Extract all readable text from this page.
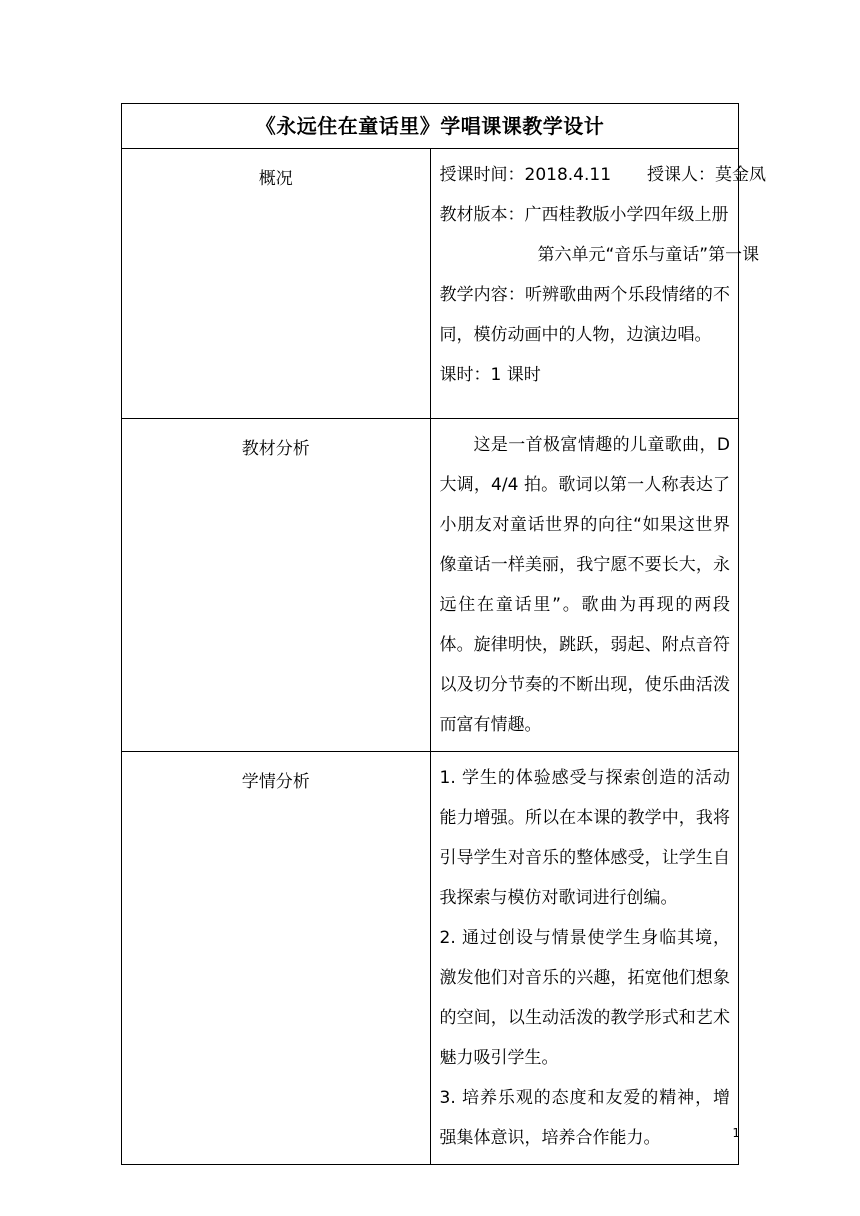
《永远住在童话里》学唱课课教学设计	

概况	授课时间：2018.4.11 授课人：莫金凤
教材版本：广西桂教版小学四年级上册
第六单元“音乐与童话”第一课
教学内容：听辨歌曲两个乐段情绪的不同，模仿动画中的人物，边演边唱。
课时：1 课时

教材分析	这是一首极富情趣的儿童歌曲，D 大调，4/4 拍。歌词以第一人称表达了小朋友对童话世界的向往“如果这世界像童话一样美丽，我宁愿不要长大，永远住在童话里”。歌曲为再现的两段体。旋律明快，跳跃，弱起、附点音符以及切分节奏的不断出现，使乐曲活泼而富有情趣。

学情分析	1. 学生的体验感受与探索创造的活动能力增强。所以在本课的教学中，我将引导学生对音乐的整体感受，让学生自我探索与模仿对歌词进行创编。
2. 通过创设与情景使学生身临其境，激发他们对音乐的兴趣，拓宽他们想象的空间，以生动活泼的教学形式和艺术魅力吸引学生。
3. 培养乐观的态度和友爱的精神，增强集体意识，培养合作能力。	1
